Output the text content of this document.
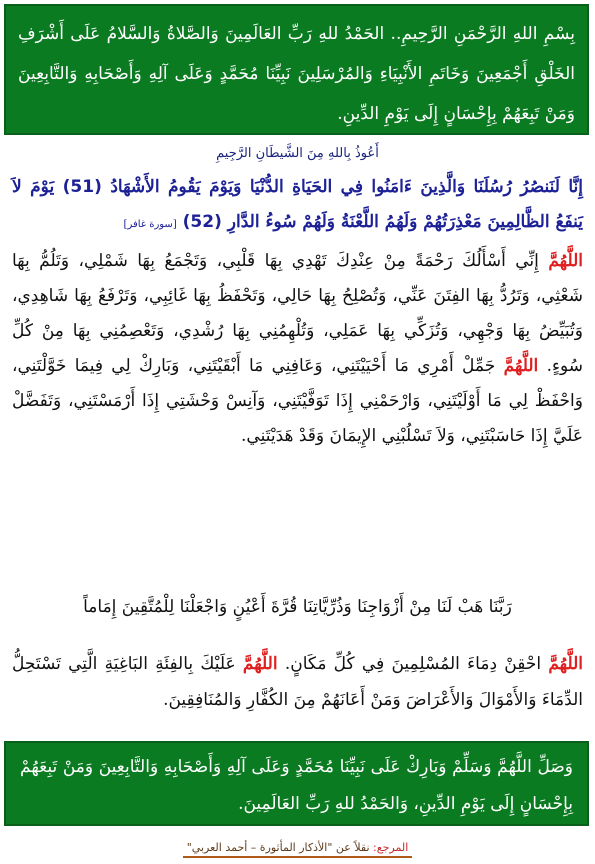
بِسْمِ اللهِ الرَّحْمَنِ الرَّحِيمِ.. الحَمْدُ للهِ رَبِّ العَالَمِينَ وَالصَّلاةُ وَالسَّلامُ عَلَى أَشْرَفِ الخَلْقِ أَجْمَعِينَ وَخَاتَمِ الأَنْبِيَاءِ وَالمُرْسَلِينَ نَبِيِّنَا مُحَمَّدٍ وَعَلَى آلِهِ وَأَصْحَابِهِ وَالتَّابِعِينَ وَمَنْ تَبِعَهُمْ بِإِحْسَانٍ إِلَى يَوْمِ الدِّينِ.
أَعُوذُ بِاللهِ مِنَ الشَّيطَانِ الرَّجِيمِ
إِنَّا لَنَنصُرُ رُسُلَنَا وَالَّذِينَ ءَامَنُوا فِي الحَيَاةِ الدُّنْيَا وَيَوْمَ يَقُومُ الأَشْهَادُ (51) يَوْمَ لاَ يَنفَعُ الظَّالِمِينَ مَعْذِرَتُهُمْ وَلَهُمُ اللَّعْنَةُ وَلَهُمْ سُوءُ الدَّارِ (52) [سورة غافر]
اللَّهُمَّ إِنِّي أَسْأَلُكَ رَحْمَةً مِنْ عِنْدِكَ تَهْدِي بِهَا قَلْبِي، وَتَجْمَعُ بِهَا شَمْلِي، وَتَلُمُّ بِهَا شَعْثِي، وَتَرُدُّ بِهَا الفِتَنَ عَنِّي، وَتُصْلِحُ بِهَا حَالِي، وَتَحْفَظُ بِهَا غَائِبِي، وَتَرْفَعُ بِهَا شَاهِدِي، وَتُبَيِّضُ بِهَا وَجْهِي، وَتُزَكِّي بِهَا عَمَلِي، وَتُلْهِمُنِي بِهَا رُشْدِي، وَتَعْصِمُنِي بِهَا مِنْ كُلِّ سُوءٍ. اللَّهُمَّ جَمِّلْ أَمْرِي مَا أَحْيَيْتَنِي، وَعَافِنِي مَا أَبْقَيْتَنِي، وَبَارِكْ لِي فِيمَا خَوَّلْتَنِي، وَاحْفَظْ لِي مَا أَوْلَيْتَنِي، وَارْحَمْنِي إِذَا تَوَفَّيْتَنِي، وَآنِسْ وَحْشَتِي إِذَا أَرْمَسْتَنِي، وَتَفَضَّلْ عَلَيَّ إِذَا حَاسَبْتَنِي، وَلاَ تَسْلُبْنِي الإِيمَانَ وَقَدْ هَدَيْتَنِي.
رَبَّنَا هَبْ لَنَا مِنْ أَزْوَاجِنَا وَذُرِّيَّاتِنَا قُرَّةَ أَعْيُنٍ وَاجْعَلْنَا لِلْمُتَّقِينَ إِمَاماً
اللَّهُمَّ احْقِنْ دِمَاءَ المُسْلِمِينَ فِي كُلِّ مَكَانٍ. اللَّهُمَّ عَلَيْكَ بِالفِئَةِ البَاغِيَةِ الَّتِي تَسْتَحِلُّ الدِّمَاءَ وَالأَمْوَالَ وَالأَعْرَاضَ وَمَنْ أَعَانَهُمْ مِنَ الكُفَّارِ وَالمُنَافِقِينَ.
وَصَلِّ اللَّهُمَّ وَسَلِّمْ وَبَارِكْ عَلَى نَبِيِّنَا مُحَمَّدٍ وَعَلَى آلِهِ وَأَصْحَابِهِ وَالتَّابِعِينَ وَمَنْ تَبِعَهُمْ بِإِحْسَانٍ إِلَى يَوْمِ الدِّينِ، وَالحَمْدُ للهِ رَبِّ العَالَمِينَ.
المرجع: نقلاً عن "الأذكار المأثورة – أحمد العربي"
